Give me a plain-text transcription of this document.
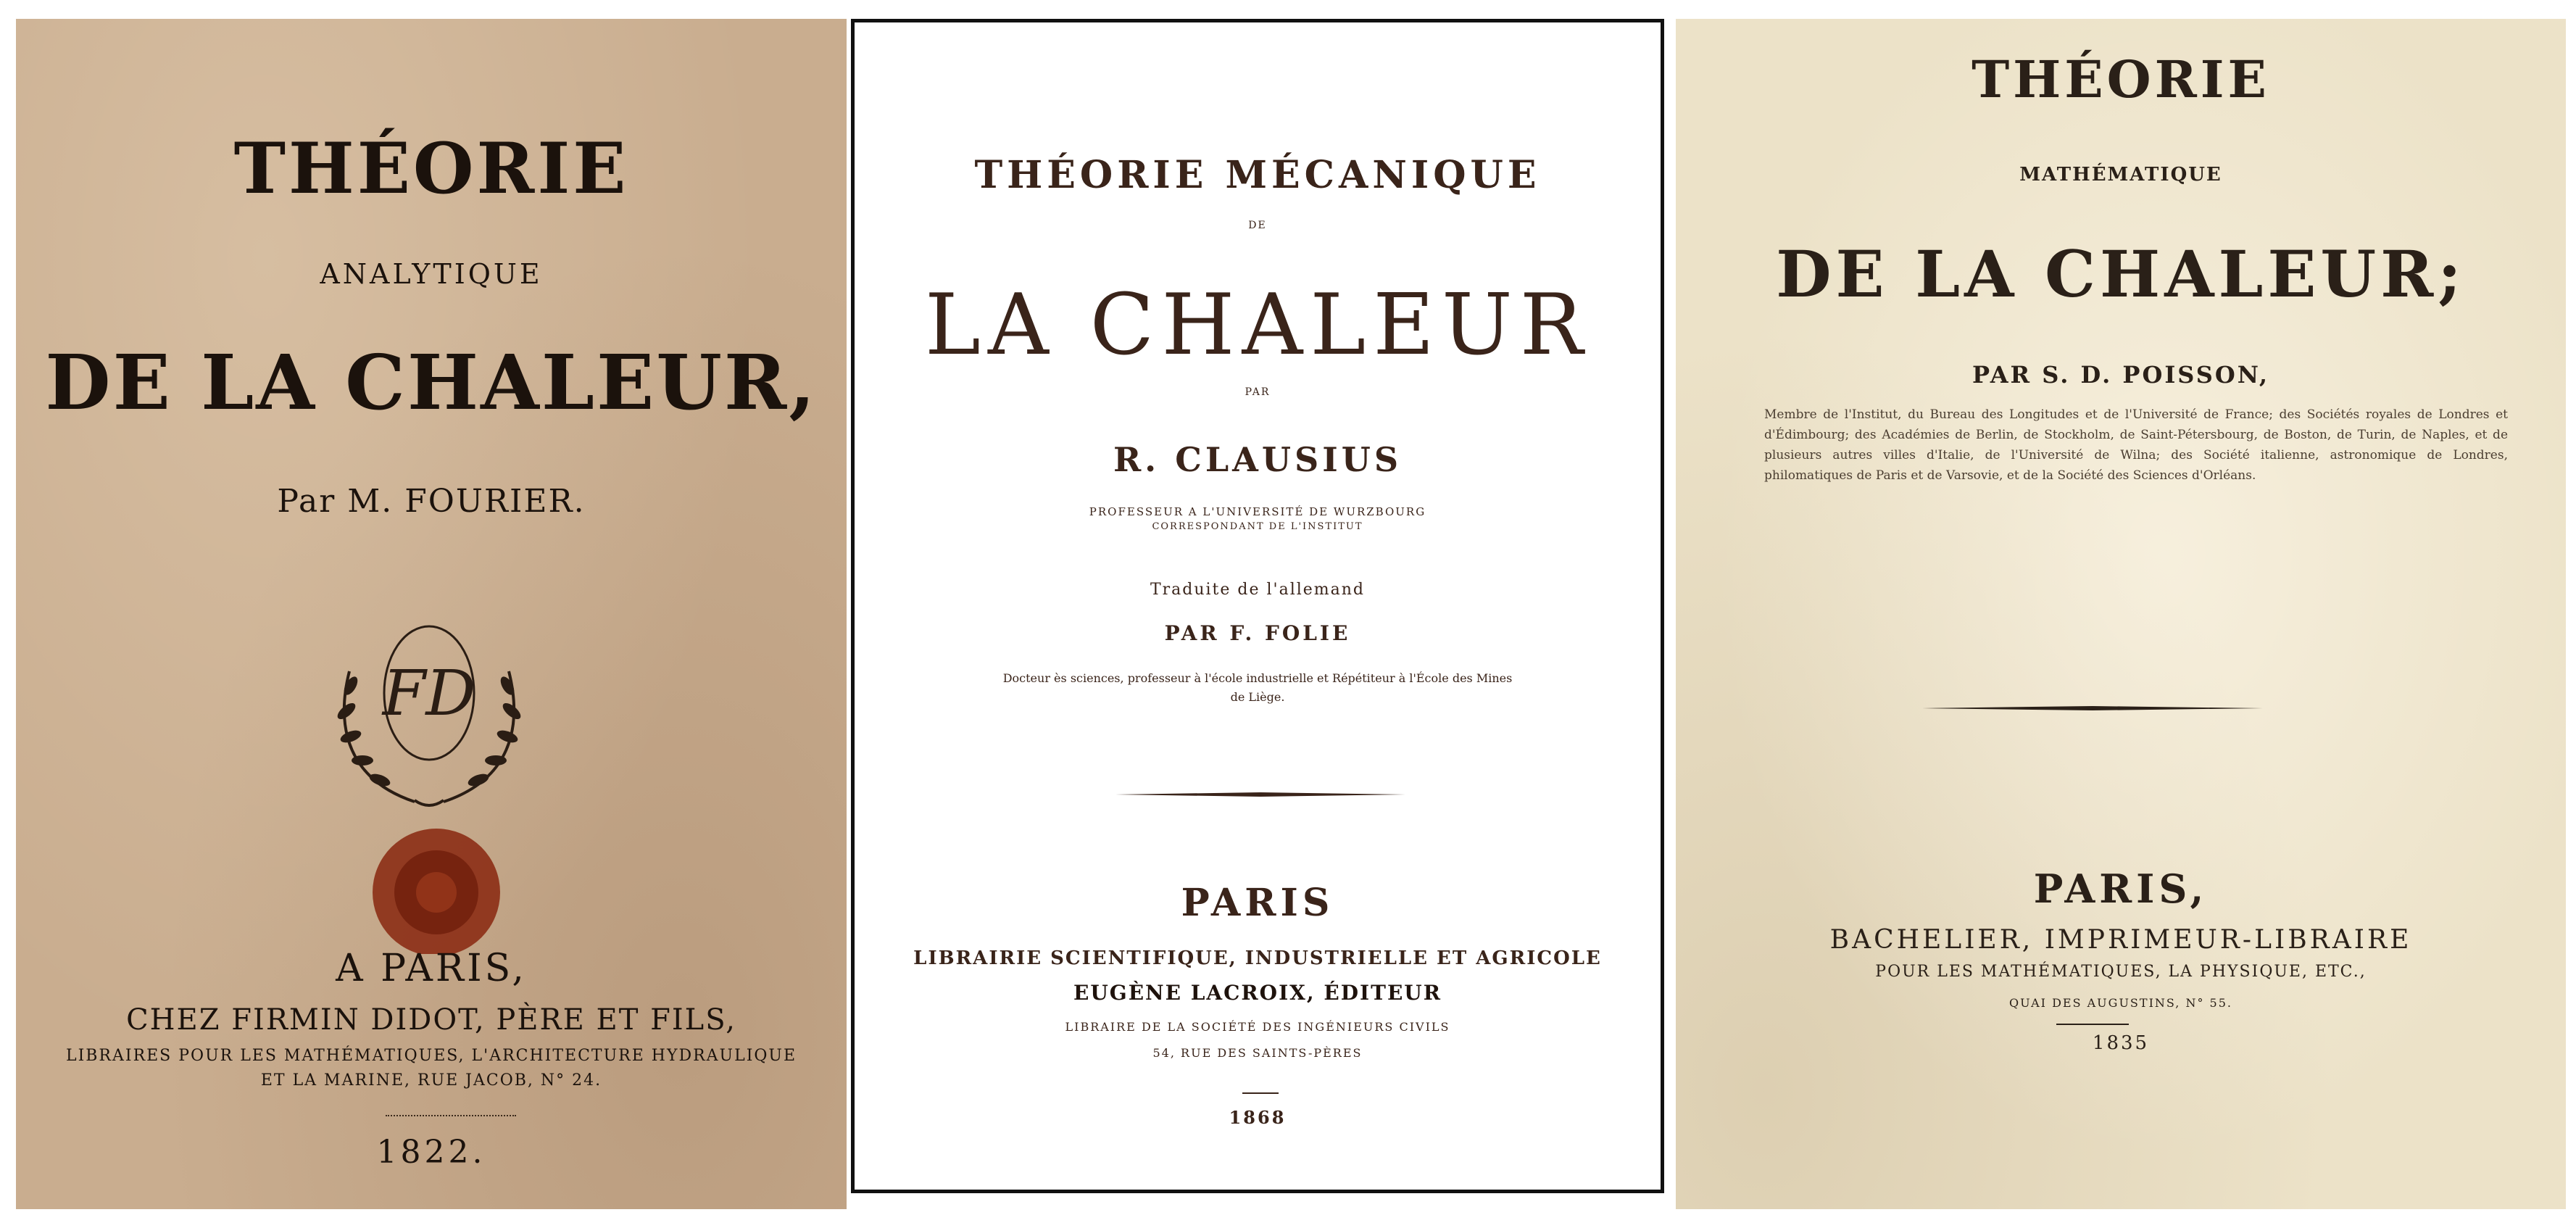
THÉORIE
ANALYTIQUE
DE LA CHALEUR,
Par M. FOURIER.
FD
A PARIS,
CHEZ FIRMIN DIDOT, PÈRE ET FILS,
LIBRAIRES POUR LES MATHÉMATIQUES, L'ARCHITECTURE HYDRAULIQUE
ET LA MARINE, RUE JACOB, N° 24.
1822.
THÉORIE MÉCANIQUE
DE
LA CHALEUR
PAR
R. CLAUSIUS
PROFESSEUR A L'UNIVERSITÉ DE WURZBOURG
CORRESPONDANT DE L'INSTITUT
Traduite de l'allemand
PAR F. FOLIE
Docteur ès sciences, professeur à l'école industrielle et Répétiteur à l'École des Mines de Liège.
PARIS
LIBRAIRIE SCIENTIFIQUE, INDUSTRIELLE ET AGRICOLE
EUGÈNE LACROIX, ÉDITEUR
LIBRAIRE DE LA SOCIÉTÉ DES INGÉNIEURS CIVILS
54, RUE DES SAINTS-PÈRES
1868
THÉORIE
MATHÉMATIQUE
DE LA CHALEUR;
PAR S. D. POISSON,
Membre de l'Institut, du Bureau des Longitudes et de l'Université de France; des Sociétés royales de Londres et d'Édimbourg; des Académies de Berlin, de Stockholm, de Saint-Pétersbourg, de Boston, de Turin, de Naples, et de plusieurs autres villes d'Italie, de l'Université de Wilna; des Société italienne, astronomique de Londres, philomatiques de Paris et de Varsovie, et de la Société des Sciences d'Orléans.
PARIS,
BACHELIER, IMPRIMEUR-LIBRAIRE
POUR LES MATHÉMATIQUES, LA PHYSIQUE, ETC.,
QUAI DES AUGUSTINS, N° 55.
1835
